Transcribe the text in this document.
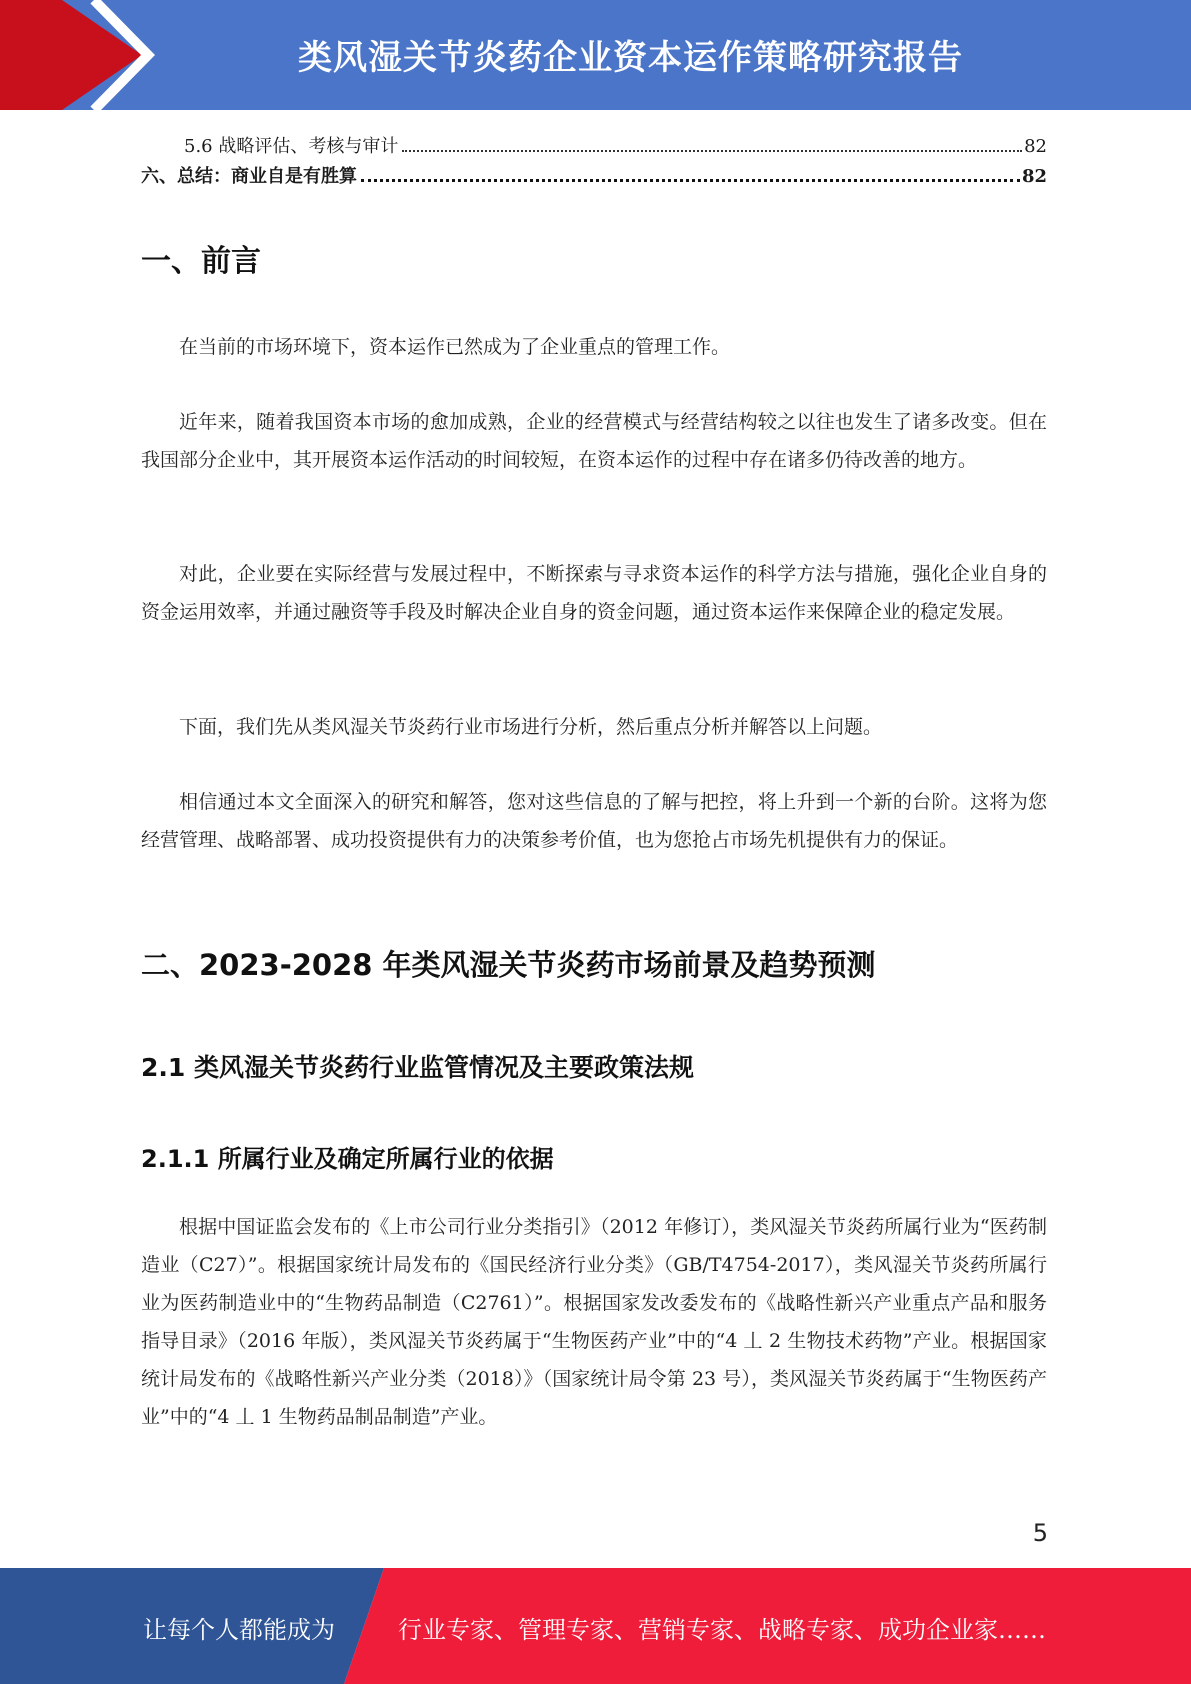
类风湿关节炎药企业资本运作策略研究报告
5.6 战略评估、考核与审计	82
六、总结：商业自是有胜算	82
一、前言

在当前的市场环境下，资本运作已然成为了企业重点的管理工作。

近年来，随着我国资本市场的愈加成熟，企业的经营模式与经营结构较之以往也发生了诸多改变。但在我国部分企业中，其开展资本运作活动的时间较短，在资本运作的过程中存在诸多仍待改善的地方。

对此，企业要在实际经营与发展过程中，不断探索与寻求资本运作的科学方法与措施，强化企业自身的资金运用效率，并通过融资等手段及时解决企业自身的资金问题，通过资本运作来保障企业的稳定发展。

下面，我们先从类风湿关节炎药行业市场进行分析，然后重点分析并解答以上问题。

相信通过本文全面深入的研究和解答，您对这些信息的了解与把控，将上升到一个新的台阶。这将为您经营管理、战略部署、成功投资提供有力的决策参考价值，也为您抢占市场先机提供有力的保证。

二、2023-2028 年类风湿关节炎药市场前景及趋势预测
2.1 类风湿关节炎药行业监管情况及主要政策法规
2.1.1 所属行业及确定所属行业的依据

根据中国证监会发布的《上市公司行业分类指引》（2012 年修订），类风湿关节炎药所属行业为“医药制造业（C27）”。根据国家统计局发布的《国民经济行业分类》（GB/T4754-2017），类风湿关节炎药所属行业为医药制造业中的“生物药品制造（C2761）”。根据国家发改委发布的《战略性新兴产业重点产品和服务指导目录》（2016 年版），类风湿关节炎药属于“生物医药产业”中的“4 丄 2 生物技术药物”产业。根据国家统计局发布的《战略性新兴产业分类（2018）》（国家统计局令第 23 号），类风湿关节炎药属于“生物医药产业”中的“4 丄 1 生物药品制品制造”产业。

5
让每个人都能成为	行业专家、管理专家、营销专家、战略专家、成功企业家……
